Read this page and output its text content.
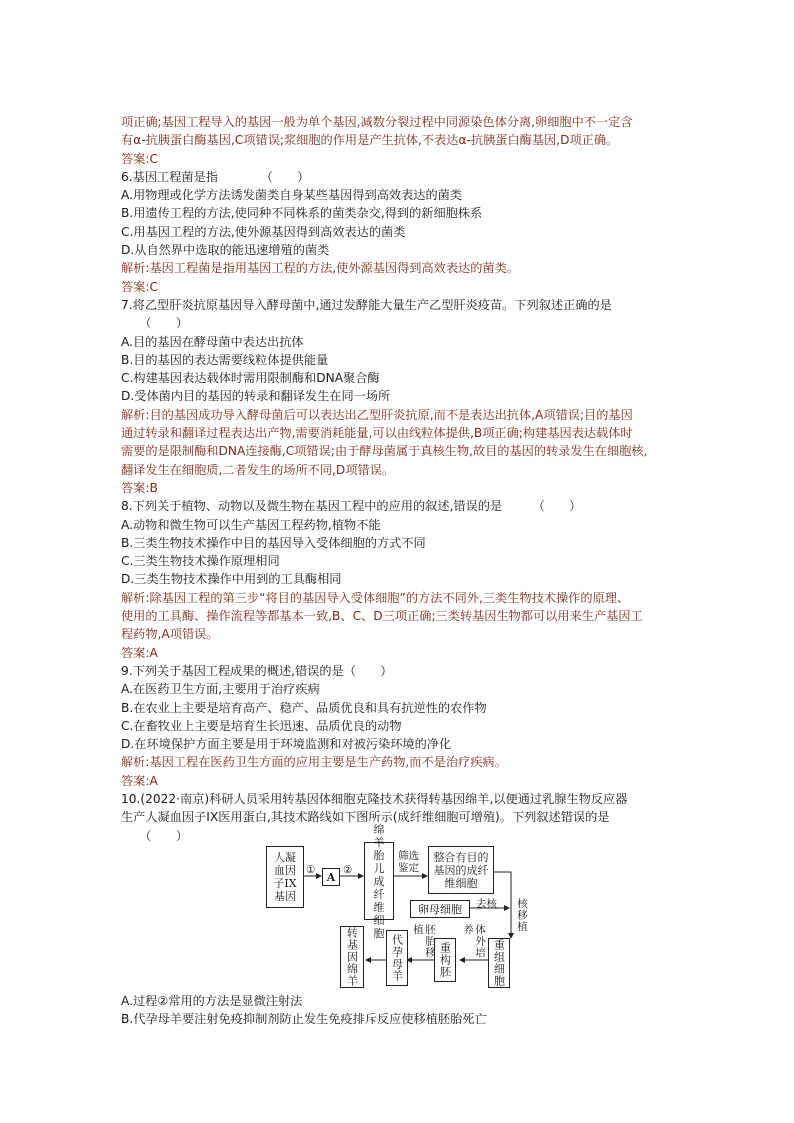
项正确;基因工程导入的基因一般为单个基因,减数分裂过程中同源染色体分离,卵细胞中不一定含
有α-抗胰蛋白酶基因,C项错误;浆细胞的作用是产生抗体,不表达α-抗胰蛋白酶基因,D项正确。
答案:C
6.基因工程菌是指　　　　（　　）
A.用物理或化学方法诱发菌类自身某些基因得到高效表达的菌类
B.用遗传工程的方法,使同种不同株系的菌类杂交,得到的新细胞株系
C.用基因工程的方法,使外源基因得到高效表达的菌类
D.从自然界中选取的能迅速增殖的菌类
解析:基因工程菌是指用基因工程的方法,使外源基因得到高效表达的菌类。
答案:C
7.将乙型肝炎抗原基因导入酵母菌中,通过发酵能大量生产乙型肝炎疫苗。下列叙述正确的是
　　（　　）
A.目的基因在酵母菌中表达出抗体
B.目的基因的表达需要线粒体提供能量
C.构建基因表达载体时需用限制酶和DNA聚合酶
D.受体菌内目的基因的转录和翻译发生在同一场所
解析:目的基因成功导入酵母菌后可以表达出乙型肝炎抗原,而不是表达出抗体,A项错误;目的基因
通过转录和翻译过程表达出产物,需要消耗能量,可以由线粒体提供,B项正确;构建基因表达载体时
需要的是限制酶和DNA连接酶,C项错误;由于酵母菌属于真核生物,故目的基因的转录发生在细胞核,
翻译发生在细胞质,二者发生的场所不同,D项错误。
答案:B
8.下列关于植物、动物以及微生物在基因工程中的应用的叙述,错误的是　　　（　　）
A.动物和微生物可以生产基因工程药物,植物不能
B.三类生物技术操作中目的基因导入受体细胞的方式不同
C.三类生物技术操作原理相同
D.三类生物技术操作中用到的工具酶相同
解析:除基因工程的第三步“将目的基因导入受体细胞”的方法不同外,三类生物技术操作的原理、
使用的工具酶、操作流程等都基本一致,B、C、D三项正确;三类转基因生物都可以用来生产基因工
程药物,A项错误。
答案:A
9.下列关于基因工程成果的概述,错误的是（　　）
A.在医药卫生方面,主要用于治疗疾病
B.在农业上主要是培育高产、稳产、品质优良和具有抗逆性的农作物
C.在畜牧业上主要是培育生长迅速、品质优良的动物
D.在环境保护方面主要是用于环境监测和对被污染环境的净化
解析:基因工程在医药卫生方面的应用主要是生产药物,而不是治疗疾病。
答案:A
10.(2022·南京)科研人员采用转基因体细胞克隆技术获得转基因绵羊,以便通过乳腺生物反应器
生产人凝血因子IX医用蛋白,其技术路线如下图所示(成纤维细胞可增殖)。下列叙述错误的是
　　（　　）
人凝血因子IX基因
①
A
②
绵羊胎儿成纤维细胞
筛选鉴定
整合有目的基因的成纤维细胞
卵母细胞	去核 核移植
重组细胞
体外培养
重构胚
胚胎移植
代孕母羊
转基因绵羊
A.过程②常用的方法是显微注射法
B.代孕母羊要注射免疫抑制剂防止发生免疫排斥反应使移植胚胎死亡
